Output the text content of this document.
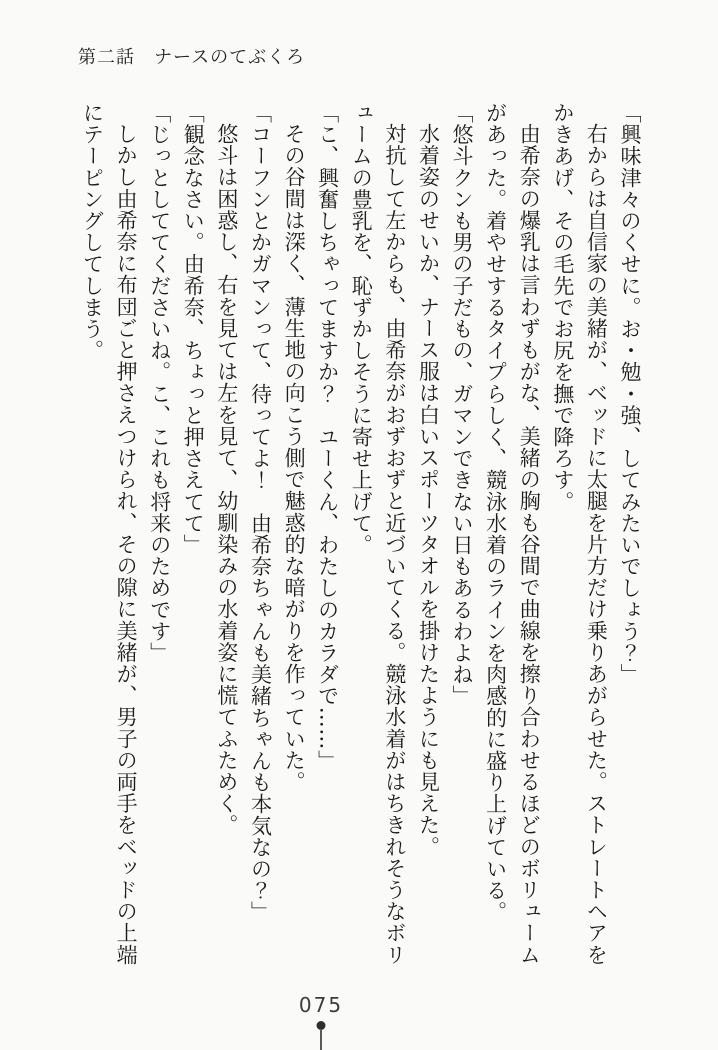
第二話　ナースのてぶくろ

「興味津々のくせに。お・勉・強、してみたいでしょう？」

右からは自信家の美緒が、ベッドに太腿を片方だけ乗りあがらせた。ストレートヘアをかきあげ、その毛先でお尻を撫で降ろす。

由希奈の爆乳は言わずもがな、美緒の胸も谷間で曲線を擦り合わせるほどのボリュームがあった。着やせするタイプらしく、競泳水着のラインを肉感的に盛り上げている。

「悠斗クンも男の子だもの、ガマンできない日もあるわよね」

水着姿のせいか、ナース服は白いスポーツタオルを掛けたようにも見えた。

対抗して左からも、由希奈がおずおずと近づいてくる。競泳水着がはちきれそうなボリュームの豊乳を、恥ずかしそうに寄せ上げて。

「こ、興奮しちゃってますか？　ユーくん、わたしのカラダで……」

その谷間は深く、薄生地の向こう側で魅惑的な暗がりを作っていた。

「コーフンとかガマンって、待ってよ！　由希奈ちゃんも美緒ちゃんも本気なの？」

悠斗は困惑し、右を見ては左を見て、幼馴染みの水着姿に慌てふためく。

「観念なさい。由希奈、ちょっと押さえてて」

「じっとしててくださいね。こ、これも将来のためです」

しかし由希奈に布団ごと押さえつけられ、その隙に美緒が、男子の両手をベッドの上端にテーピングしてしまう。

075
